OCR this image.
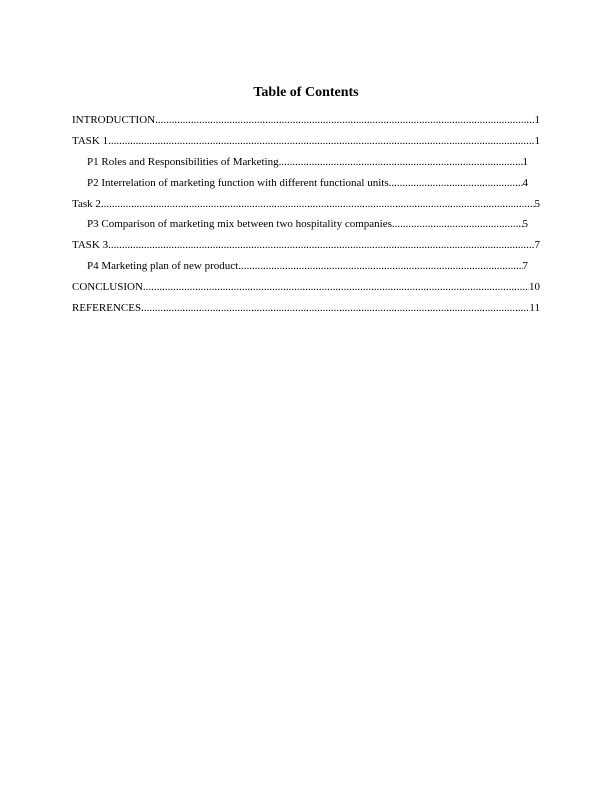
Table of Contents
INTRODUCTION .....	1
TASK 1 .....	1
P1 Roles and Responsibilities of Marketing .....	1
P2 Interrelation of marketing function with different functional units .....	4
Task 2 .....	5
P3 Comparison of marketing mix between two hospitality companies .....	5
TASK 3 .....	7
P4 Marketing plan of new product .....	7
CONCLUSION .....	10
REFERENCES .....	11
